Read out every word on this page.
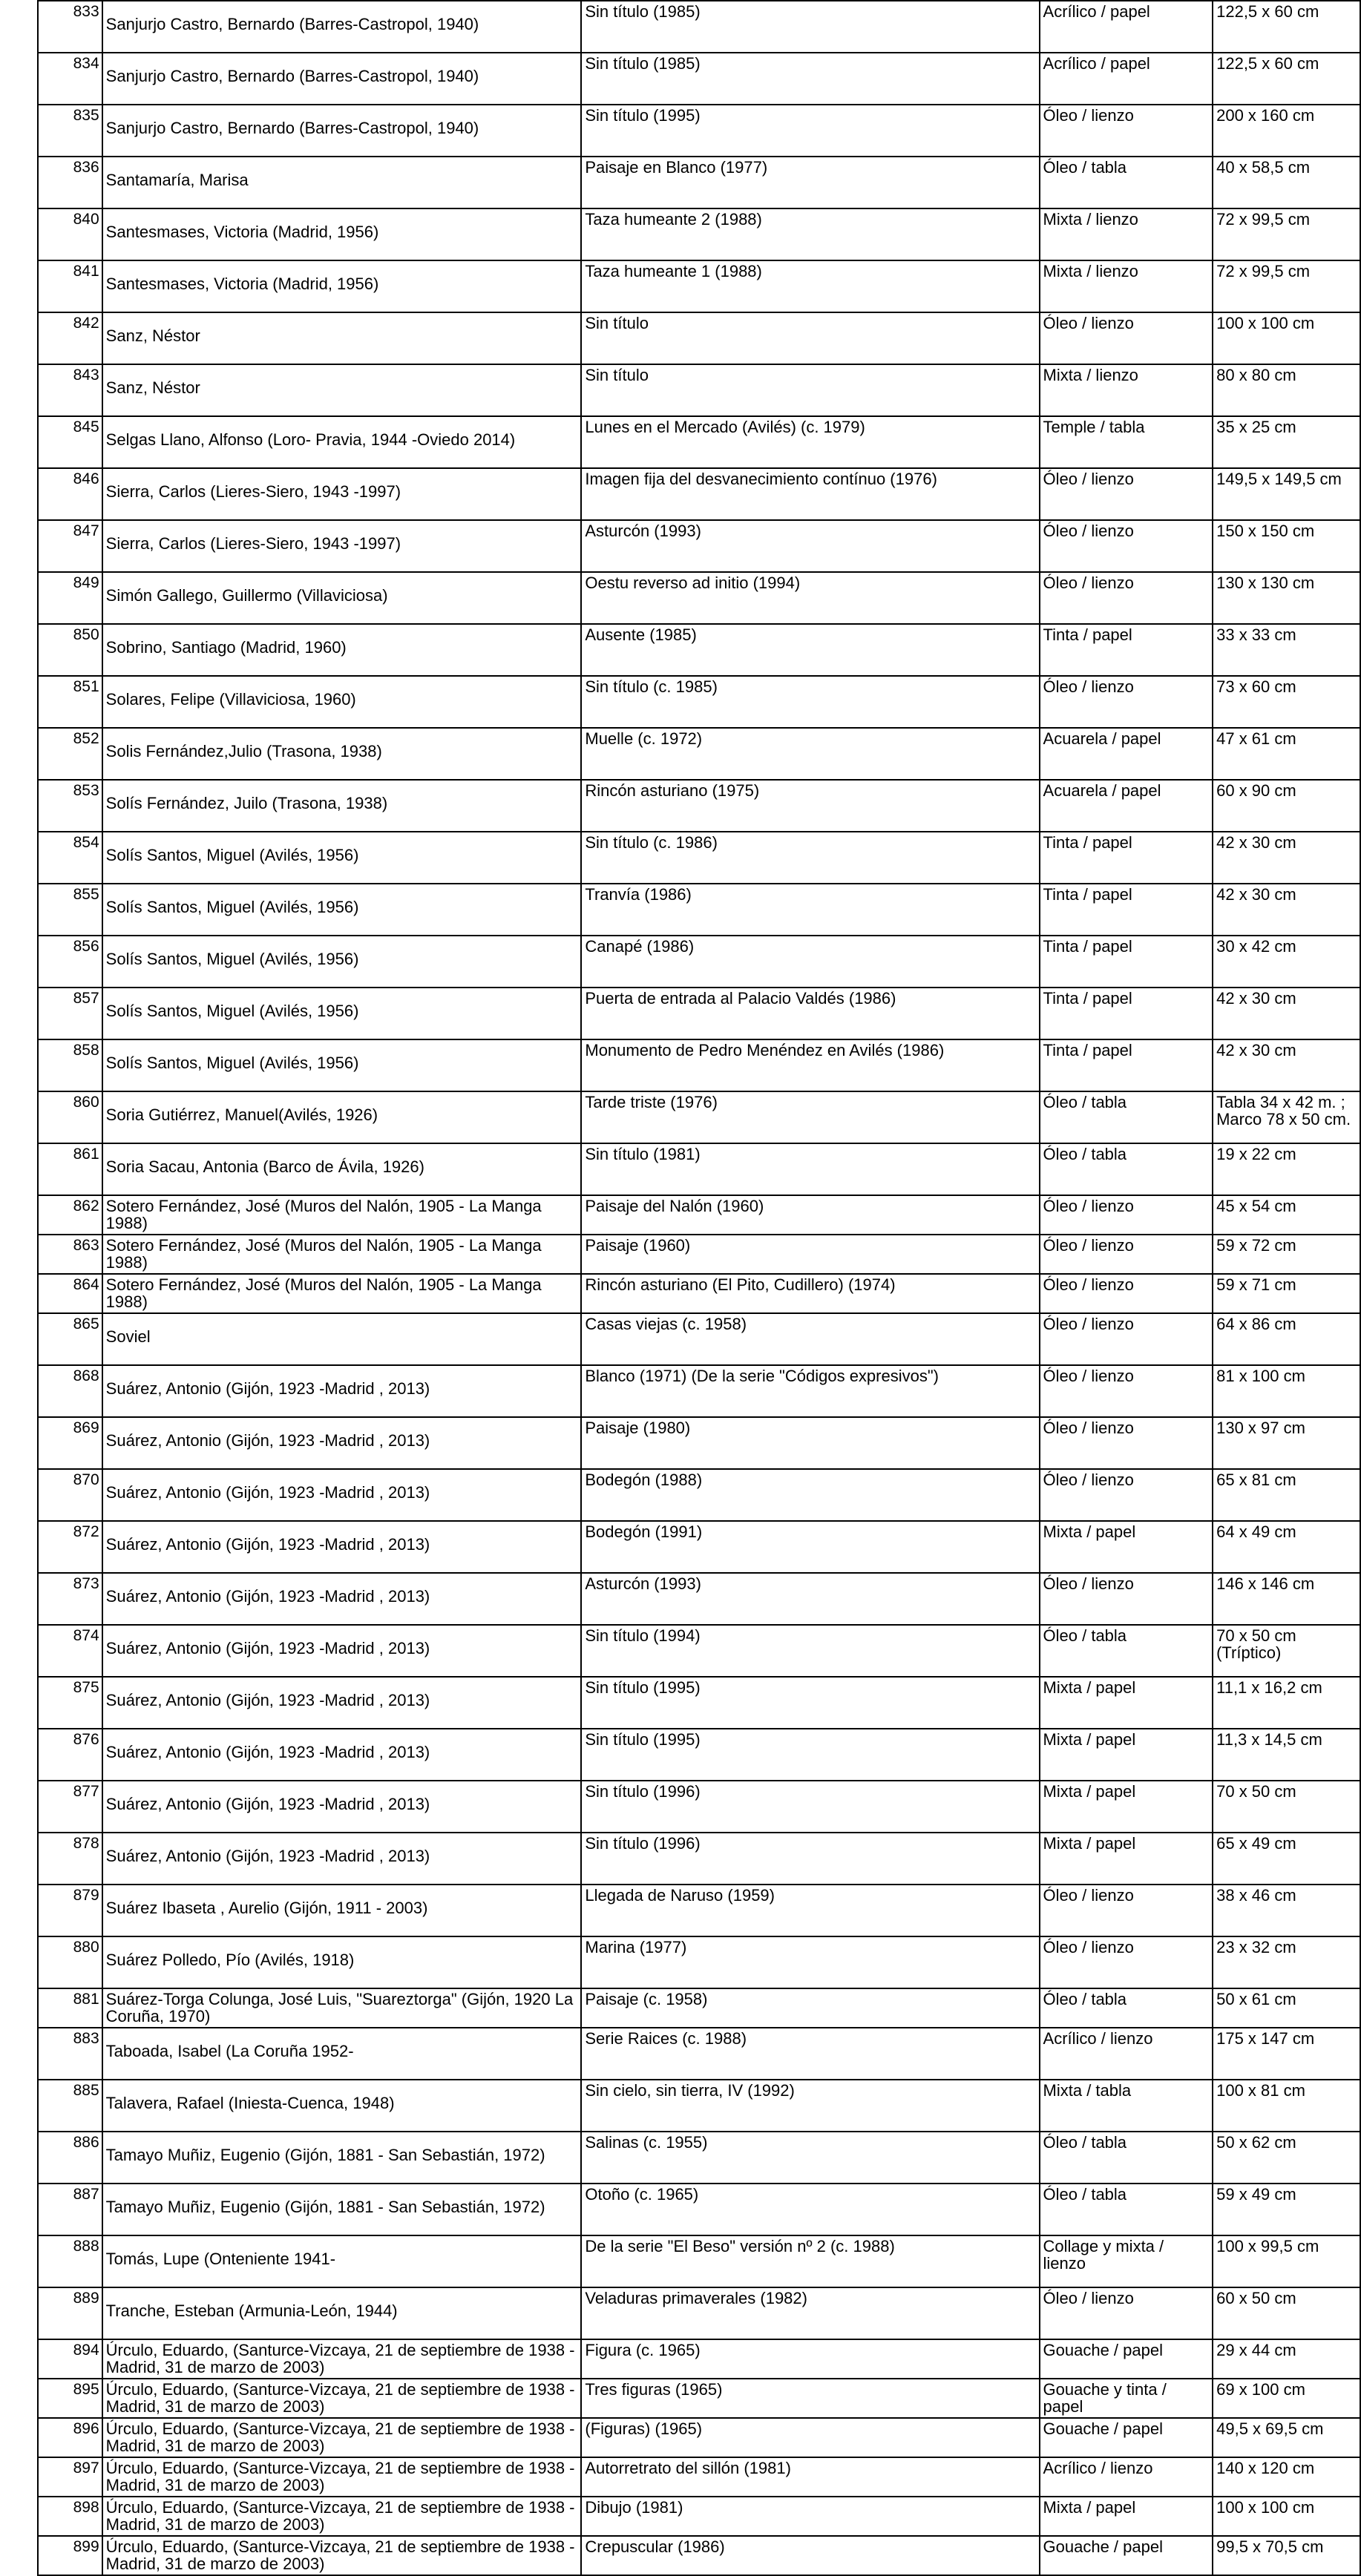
833	Sanjurjo Castro, Bernardo (Barres-Castropol, 1940)	Sin título (1985)	Acrílico / papel	122,5 x 60 cm
834	Sanjurjo Castro, Bernardo (Barres-Castropol, 1940)	Sin título (1985)	Acrílico / papel	122,5 x 60 cm
835	Sanjurjo Castro, Bernardo (Barres-Castropol, 1940)	Sin título (1995)	Óleo / lienzo	200 x 160 cm
836	Santamaría, Marisa	Paisaje en Blanco (1977)	Óleo / tabla	40 x 58,5 cm
840	Santesmases, Victoria (Madrid, 1956)	Taza humeante 2 (1988)	Mixta / lienzo	72 x 99,5 cm
841	Santesmases, Victoria (Madrid, 1956)	Taza humeante 1 (1988)	Mixta / lienzo	72 x 99,5 cm
842	Sanz, Néstor	Sin título	Óleo / lienzo	100 x 100 cm
843	Sanz, Néstor	Sin título	Mixta / lienzo	80 x 80 cm
845	Selgas Llano, Alfonso (Loro- Pravia, 1944 -Oviedo 2014)	Lunes en el Mercado (Avilés) (c. 1979)	Temple / tabla	35 x 25 cm
846	Sierra, Carlos (Lieres-Siero, 1943 -1997)	Imagen fija del desvanecimiento contínuo (1976)	Óleo / lienzo	149,5 x 149,5 cm
847	Sierra, Carlos (Lieres-Siero, 1943 -1997)	Asturcón (1993)	Óleo / lienzo	150 x 150 cm
849	Simón Gallego, Guillermo (Villaviciosa)	Oestu reverso ad initio (1994)	Óleo / lienzo	130 x 130 cm
850	Sobrino, Santiago (Madrid, 1960)	Ausente (1985)	Tinta / papel	33 x 33 cm
851	Solares, Felipe (Villaviciosa, 1960)	Sin título (c. 1985)	Óleo / lienzo	73 x 60 cm
852	Solis Fernández,Julio (Trasona, 1938)	Muelle (c. 1972)	Acuarela / papel	47 x 61 cm
853	Solís Fernández, Juilo (Trasona, 1938)	Rincón asturiano (1975)	Acuarela / papel	60 x 90 cm
854	Solís Santos, Miguel (Avilés, 1956)	Sin título (c. 1986)	Tinta / papel	42 x 30 cm
855	Solís Santos, Miguel (Avilés, 1956)	Tranvía (1986)	Tinta / papel	42 x 30 cm
856	Solís Santos, Miguel (Avilés, 1956)	Canapé (1986)	Tinta / papel	30 x 42 cm
857	Solís Santos, Miguel (Avilés, 1956)	Puerta de entrada al Palacio Valdés (1986)	Tinta / papel	42 x 30 cm
858	Solís Santos, Miguel (Avilés, 1956)	Monumento de Pedro Menéndez en Avilés (1986)	Tinta / papel	42 x 30 cm
860	Soria Gutiérrez, Manuel(Avilés, 1926)	Tarde triste (1976)	Óleo / tabla	Tabla 34 x 42 m. ; Marco 78 x 50 cm.
861	Soria Sacau, Antonia (Barco de Ávila, 1926)	Sin título (1981)	Óleo / tabla	19 x 22 cm
862	Sotero Fernández, José (Muros del Nalón, 1905 - La Manga 1988)	Paisaje del Nalón (1960)	Óleo / lienzo	45 x 54 cm
863	Sotero Fernández, José (Muros del Nalón, 1905 - La Manga 1988)	Paisaje (1960)	Óleo / lienzo	59 x 72 cm
864	Sotero Fernández, José (Muros del Nalón, 1905 - La Manga 1988)	Rincón asturiano (El Pito, Cudillero) (1974)	Óleo / lienzo	59 x 71 cm
865	Soviel	Casas viejas (c. 1958)	Óleo / lienzo	64 x 86 cm
868	Suárez, Antonio (Gijón, 1923 -Madrid , 2013)	Blanco (1971) (De la serie "Códigos expresivos")	Óleo / lienzo	81 x 100 cm
869	Suárez, Antonio (Gijón, 1923 -Madrid , 2013)	Paisaje (1980)	Óleo / lienzo	130 x 97 cm
870	Suárez, Antonio (Gijón, 1923 -Madrid , 2013)	Bodegón (1988)	Óleo / lienzo	65 x 81 cm
872	Suárez, Antonio (Gijón, 1923 -Madrid , 2013)	Bodegón (1991)	Mixta / papel	64 x 49 cm
873	Suárez, Antonio (Gijón, 1923 -Madrid , 2013)	Asturcón (1993)	Óleo / lienzo	146 x 146 cm
874	Suárez, Antonio (Gijón, 1923 -Madrid , 2013)	Sin título (1994)	Óleo / tabla	70 x 50 cm (Tríptico)
875	Suárez, Antonio (Gijón, 1923 -Madrid , 2013)	Sin título (1995)	Mixta / papel	11,1 x 16,2 cm
876	Suárez, Antonio (Gijón, 1923 -Madrid , 2013)	Sin título (1995)	Mixta / papel	11,3 x 14,5 cm
877	Suárez, Antonio (Gijón, 1923 -Madrid , 2013)	Sin título (1996)	Mixta / papel	70 x 50 cm
878	Suárez, Antonio (Gijón, 1923 -Madrid , 2013)	Sin título (1996)	Mixta / papel	65 x 49 cm
879	Suárez Ibaseta , Aurelio (Gijón, 1911 - 2003)	Llegada de Naruso (1959)	Óleo / lienzo	38 x 46 cm
880	Suárez Polledo, Pío (Avilés, 1918)	Marina (1977)	Óleo / lienzo	23 x 32 cm
881	Suárez-Torga Colunga, José Luis, "Suareztorga" (Gijón, 1920 La Coruña, 1970)	Paisaje (c. 1958)	Óleo / tabla	50 x 61 cm
883	Taboada, Isabel (La Coruña 1952-	Serie Raices (c. 1988)	Acrílico / lienzo	175 x 147 cm
885	Talavera, Rafael (Iniesta-Cuenca, 1948)	Sin cielo, sin tierra, IV (1992)	Mixta / tabla	100 x 81 cm
886	Tamayo Muñiz, Eugenio (Gijón, 1881 - San Sebastián, 1972)	Salinas (c. 1955)	Óleo / tabla	50 x 62 cm
887	Tamayo Muñiz, Eugenio (Gijón, 1881 - San Sebastián, 1972)	Otoño (c. 1965)	Óleo / tabla	59 x 49 cm
888	Tomás, Lupe (Onteniente 1941-	De la serie "El Beso" versión nº 2 (c. 1988)	Collage y mixta / lienzo	100 x 99,5 cm
889	Tranche, Esteban (Armunia-León, 1944)	Veladuras primaverales (1982)	Óleo / lienzo	60 x 50 cm
894	Úrculo, Eduardo, (Santurce-Vizcaya, 21 de septiembre de 1938 - Madrid, 31 de marzo de 2003)	Figura (c. 1965)	Gouache / papel	29 x 44 cm
895	Úrculo, Eduardo, (Santurce-Vizcaya, 21 de septiembre de 1938 - Madrid, 31 de marzo de 2003)	Tres figuras (1965)	Gouache y tinta / papel	69 x 100 cm
896	Úrculo, Eduardo, (Santurce-Vizcaya, 21 de septiembre de 1938 - Madrid, 31 de marzo de 2003)	(Figuras) (1965)	Gouache / papel	49,5 x 69,5 cm
897	Úrculo, Eduardo, (Santurce-Vizcaya, 21 de septiembre de 1938 - Madrid, 31 de marzo de 2003)	Autorretrato del sillón (1981)	Acrílico / lienzo	140 x 120 cm
898	Úrculo, Eduardo, (Santurce-Vizcaya, 21 de septiembre de 1938 - Madrid, 31 de marzo de 2003)	Dibujo (1981)	Mixta / papel	100 x 100 cm
899	Úrculo, Eduardo, (Santurce-Vizcaya, 21 de septiembre de 1938 - Madrid, 31 de marzo de 2003)	Crepuscular (1986)	Gouache / papel	99,5 x 70,5 cm
